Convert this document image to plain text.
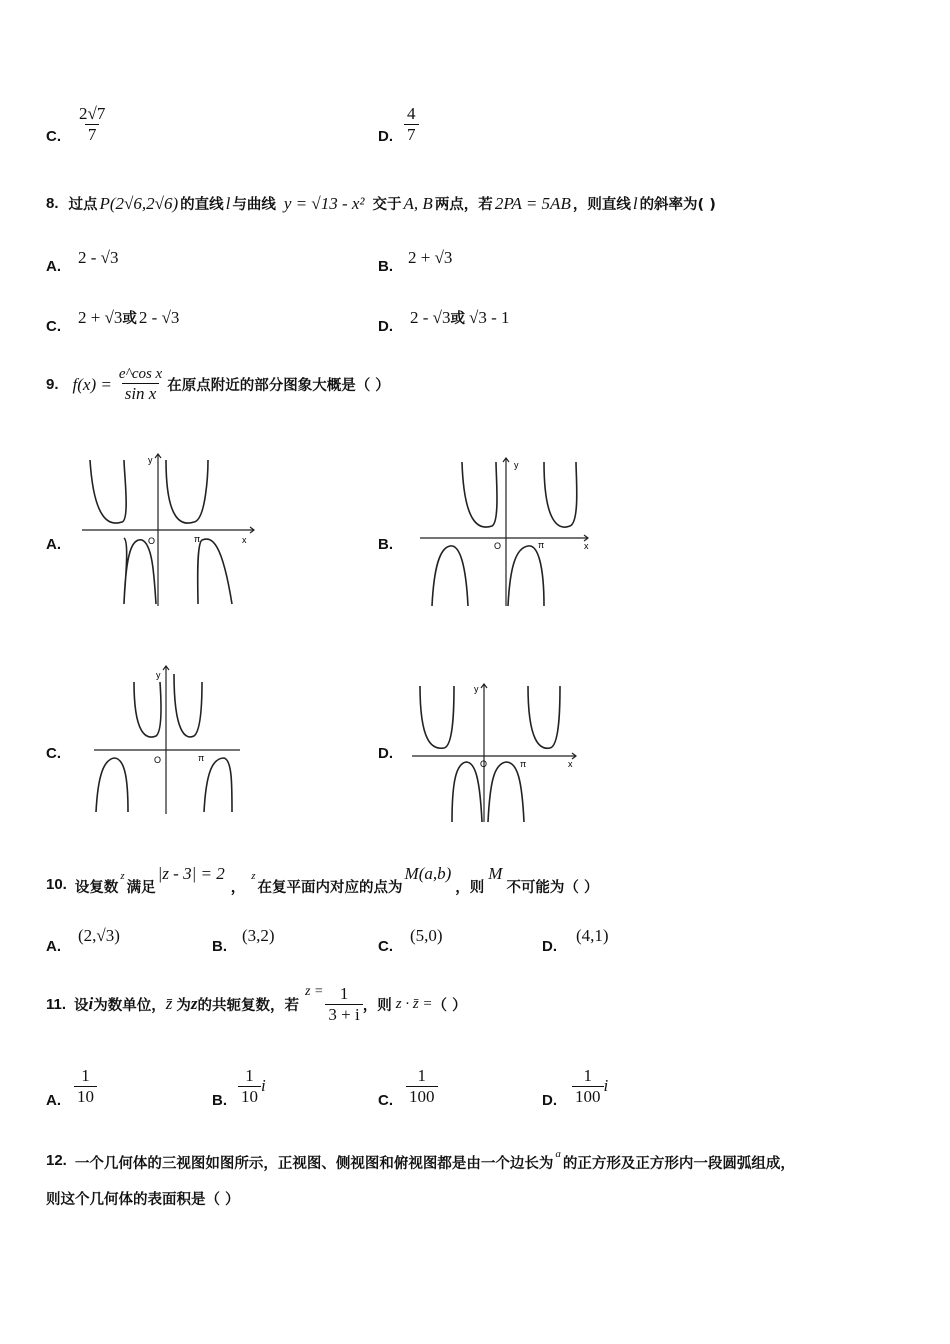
C. $\frac{2√7}{7}$	D. $\frac{4}{7}$
8. 过点 P(2√6,2√6) 的直线 l 与曲线 y = √13 - x² 交于 A, B 两点，若 2PA = 5AB ，则直线 l 的斜率为( )
A. 2 - √3	B. 2 + √3
C. 2 + √3或 2 - √3	D. 2 - √3或 √3 - 1
9. $f(x) = \frac{\text{e\textasciicircum{}cos x}}{\text{sin x}}$ 在原点附近的部分图象大概是（ ）
A.	B.
C.	D.
y
x
O	π
y
x
O	π
y
O	π
y
x
O	π
10. 设复数
z
满足
|z - 3| = 2
，
z
在复平面内对应的点为
M(a,b)
，则
M
不可能为（ ）
A.
(2,√3)
B.
(3,2)
C.
(5,0)
D.
(4,1)
11. 设 i 为数单位， z̄ 为 z 的共轭复数，若
$z = \frac{1}{3 + i}$ ，则 z · z̄ = （ ）
A. $\frac{1}{10}$	B. $\frac{1}{10}$ i
C. $\frac{1}{100}$	D. $\frac{1}{100}$ i
12. 一个几何体的三视图如图所示，正视图、侧视图和俯视图都是由一个边长为
a
的正方形及正方形内一段圆弧组成，
则这个几何体的表面积是（ ）
